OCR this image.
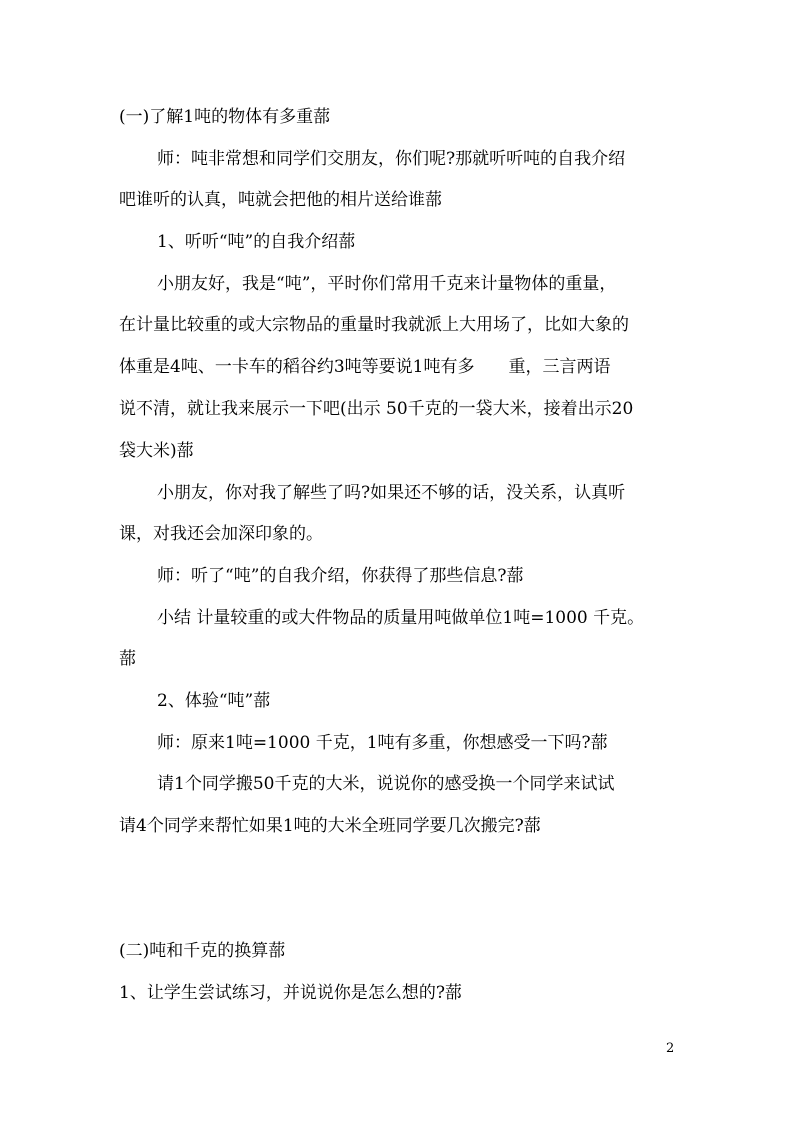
(一)了解1吨的物体有多重蔀
师：吨非常想和同学们交朋友，你们呢?那就听听吨的自我介绍
吧谁听的认真，吨就会把他的相片送给谁蔀
1、听听“吨”的自我介绍蔀
小朋友好，我是“吨”，平时你们常用千克来计量物体的重量，
在计量比较重的或大宗物品的重量时我就派上大用场了，比如大象的
体重是4吨、一卡车的稻谷约3吨等要说1吨有多　　重，三言两语
说不清，就让我来展示一下吧(出示 50千克的一袋大米，接着出示20
袋大米)蔀
小朋友，你对我了解些了吗?如果还不够的话，没关系，认真听
课，对我还会加深印象的。
师：听了“吨”的自我介绍，你获得了那些信息?蔀
小结 计量较重的或大件物品的质量用吨做单位1吨=1000 千克。
蔀
2、体验“吨”蔀
师：原来1吨=1000 千克，1吨有多重，你想感受一下吗?蔀
请1个同学搬50千克的大米，说说你的感受换一个同学来试试
请4个同学来帮忙如果1吨的大米全班同学要几次搬完?蔀
(二)吨和千克的换算蔀
1、让学生尝试练习，并说说你是怎么想的?蔀
2
